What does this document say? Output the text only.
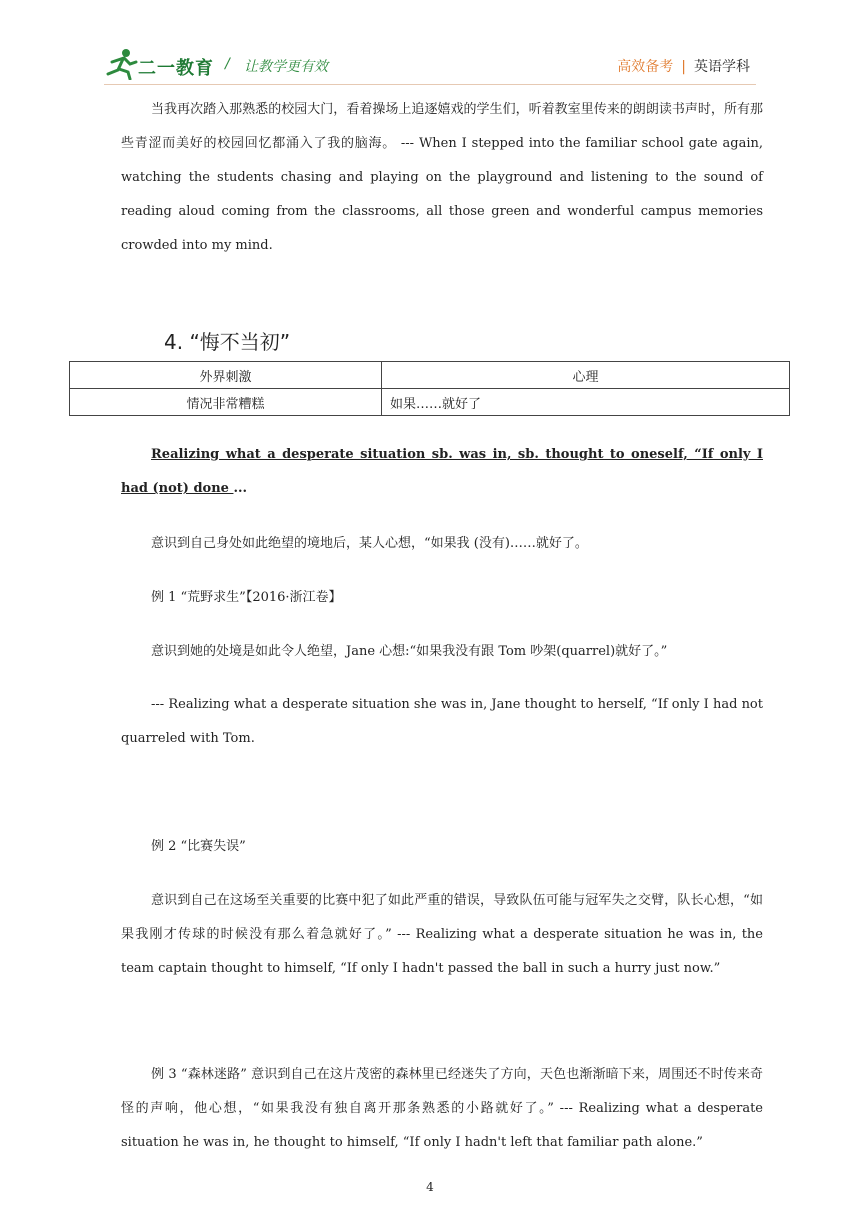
二一教育 / 让教学更有效	高效备考 | 英语学科
当我再次踏入那熟悉的校园大门，看着操场上追逐嬉戏的学生们，听着教室里传来的朗朗读书声时，所有那些青涩而美好的校园回忆都涌入了我的脑海。 --- When I stepped into the familiar school gate again, watching the students chasing and playing on the playground and listening to the sound of reading aloud coming from the classrooms, all those green and wonderful campus memories crowded into my mind.
4. “悔不当初”
外界刺激	心理
情况非常糟糕	如果……就好了
Realizing what a desperate situation sb. was in, sb. thought to oneself, “If only I had (not) done ...
意识到自己身处如此绝望的境地后，某人心想，“如果我 (没有)……就好了。
例 1 “荒野求生”【2016·浙江卷】
意识到她的处境是如此令人绝望，Jane 心想:“如果我没有跟 Tom 吵架(quarrel)就好了。”
--- Realizing what a desperate situation she was in, Jane thought to herself, “If only I had not quarreled with Tom.
例 2 “比赛失误”
意识到自己在这场至关重要的比赛中犯了如此严重的错误，导致队伍可能与冠军失之交臂，队长心想，“如果我刚才传球的时候没有那么着急就好了。” --- Realizing what a desperate situation he was in, the team captain thought to himself, “If only I hadn't passed the ball in such a hurry just now.”
例 3 “森林迷路” 意识到自己在这片茂密的森林里已经迷失了方向，天色也渐渐暗下来，周围还不时传来奇怪的声响，他心想，“如果我没有独自离开那条熟悉的小路就好了。” --- Realizing what a desperate situation he was in, he thought to himself, “If only I hadn't left that familiar path alone.”
4
